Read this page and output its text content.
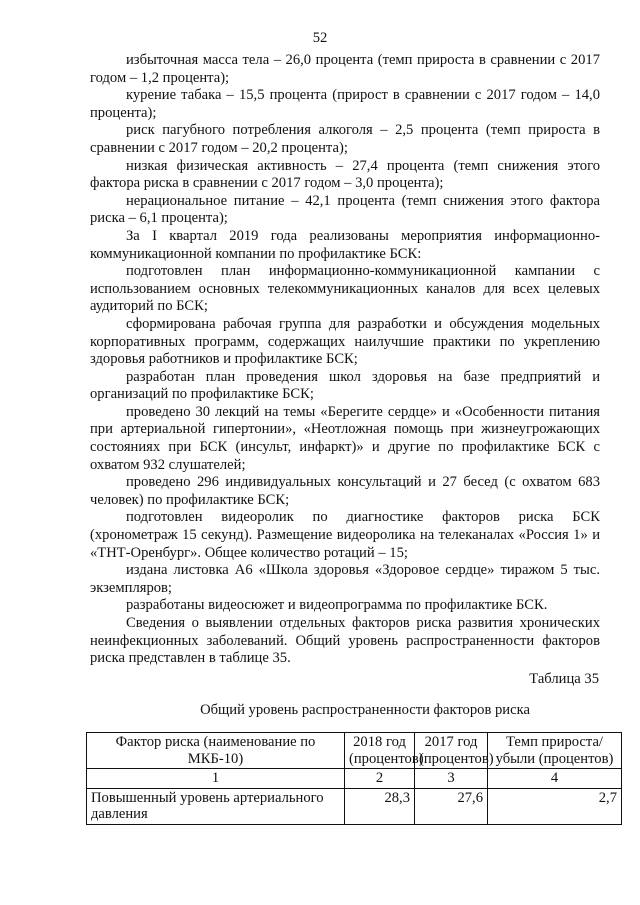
52

избыточная масса тела – 26,0 процента (темп прироста в сравнении с 2017 годом – 1,2 процента);

курение табака – 15,5 процента (прирост в сравнении с 2017 годом – 14,0 процента);

риск пагубного потребления алкоголя – 2,5 процента (темп прироста в сравнении с 2017 годом – 20,2 процента);

низкая физическая активность – 27,4 процента (темп снижения этого фактора риска в сравнении с 2017 годом – 3,0 процента);

нерациональное питание – 42,1 процента (темп снижения этого фактора риска – 6,1 процента);

За I квартал 2019 года реализованы мероприятия информационно-коммуникационной компании по профилактике БСК:

подготовлен план информационно-коммуникационной кампании с использованием основных телекоммуникационных каналов для всех целевых аудиторий по БСК;

сформирована рабочая группа для разработки и обсуждения модельных корпоративных программ, содержащих наилучшие практики по укреплению здоровья работников и профилактике БСК;

разработан план проведения школ здоровья на базе предприятий и организаций по профилактике БСК;

проведено 30 лекций на темы «Берегите сердце» и «Особенности питания при артериальной гипертонии», «Неотложная помощь при жизнеугрожающих состояниях при БСК (инсульт, инфаркт)» и другие по профилактике БСК с охватом 932 слушателей;

проведено 296 индивидуальных консультаций и 27 бесед (с охватом 683 человек) по профилактике БСК;

подготовлен видеоролик по диагностике факторов риска БСК (хронометраж 15 секунд). Размещение видеоролика на телеканалах «Россия 1» и «ТНТ-Оренбург». Общее количество ротаций – 15;

издана листовка А6 «Школа здоровья «Здоровое сердце» тиражом 5 тыс. экземпляров;

разработаны видеосюжет и видеопрограмма по профилактике БСК.

Сведения о выявлении отдельных факторов риска развития хронических неинфекционных заболеваний. Общий уровень распространенности факторов риска представлен в таблице 35.

Таблица 35
Общий уровень распространенности факторов риска
Фактор риска (наименование по МКБ-10)	2018 год (процентов)	2017 год (процентов)	Темп прироста/убыли (процентов)
1	2	3	4
Повышенный уровень артериального давления	28,3	27,6	2,7
